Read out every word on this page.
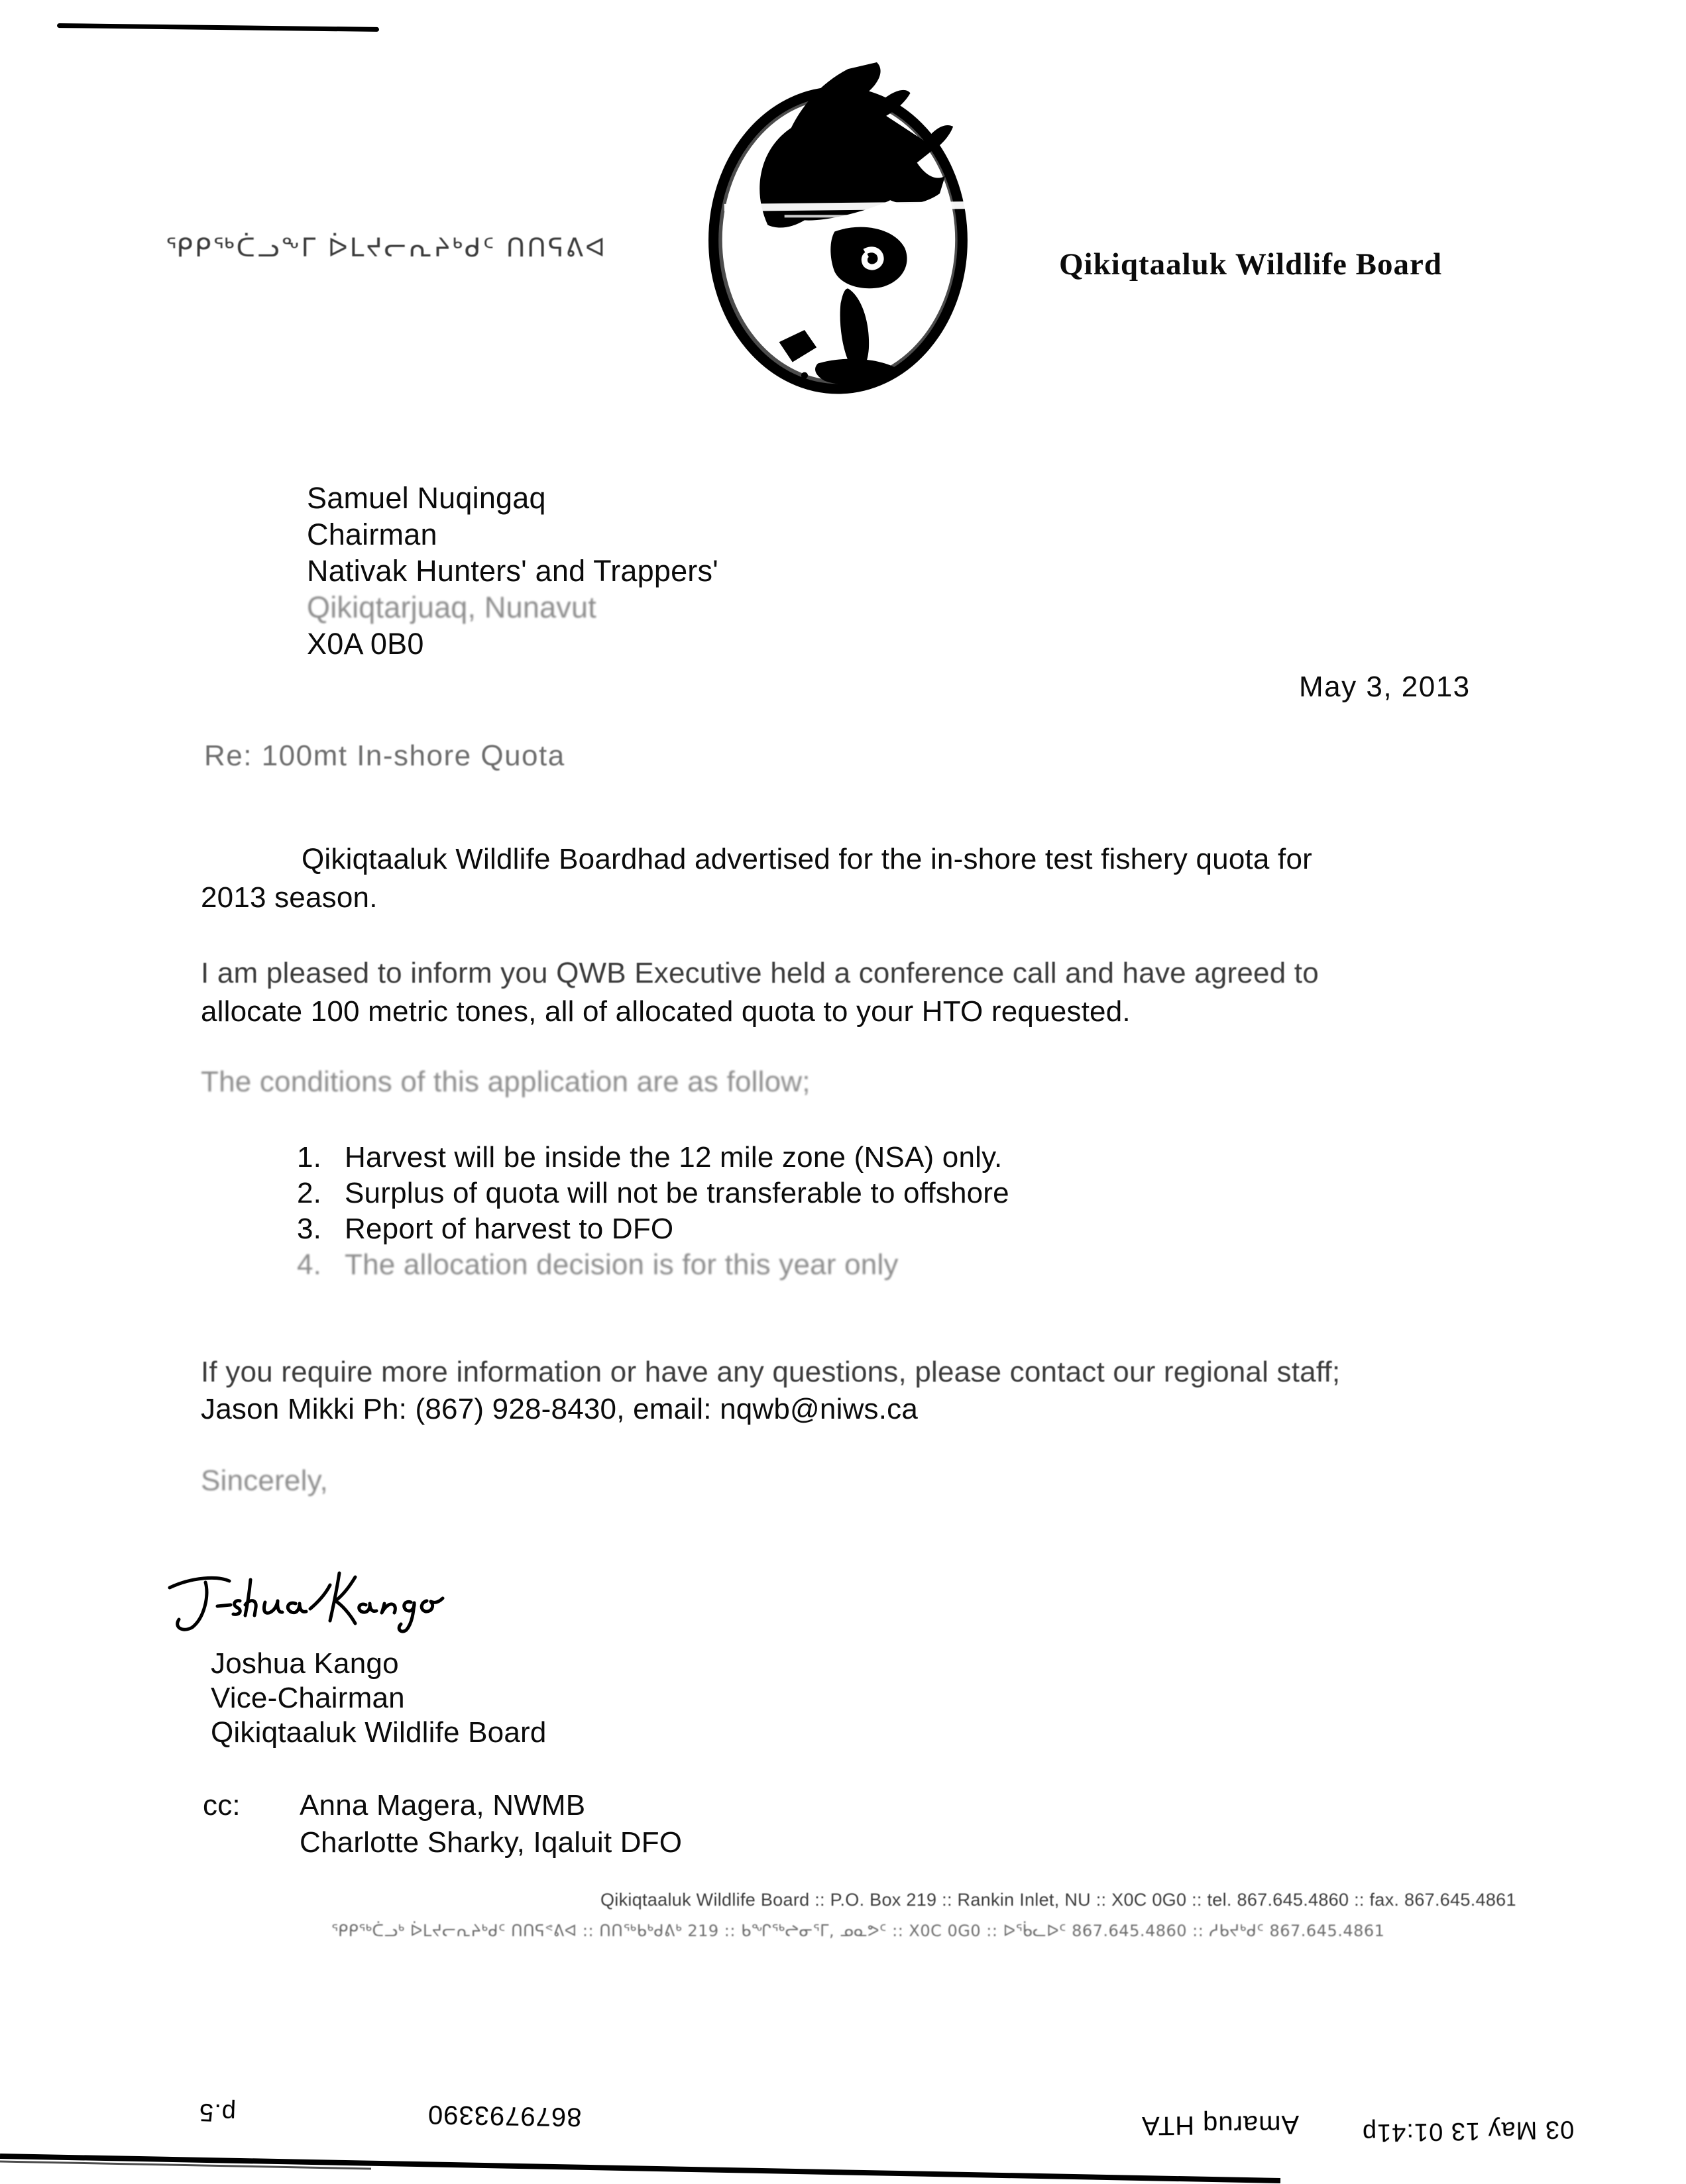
ᕿᑭᖅᑖᓗᖕᒥ ᐆᒪᔪᓕᕆᔨᒃᑯᑦ ᑎᑎᕋᕕᐊ	Qikiqtaaluk Wildlife Board
Samuel Nuqingaq
Chairman
Nativak Hunters' and Trappers'
Qikiqtarjuaq, Nunavut
X0A 0B0
May 3, 2013
Re: 100mt In-shore Quota
Qikiqtaaluk Wildlife Boardhad advertised for the in-shore test fishery quota for
2013 season.
I am pleased to inform you QWB Executive held a conference call and have agreed to
allocate 100 metric tones, all of allocated quota to your HTO requested.
The conditions of this application are as follow;
1. Harvest will be inside the 12 mile zone (NSA) only.
2. Surplus of quota will not be transferable to offshore
3. Report of harvest to DFO
4. The allocation decision is for this year only
If you require more information or have any questions, please contact our regional staff;
Jason Mikki Ph: (867) 928-8430, email: nqwb@niws.ca
Sincerely,
Joshua Kango
Vice-Chairman
Qikiqtaaluk Wildlife Board
cc: Anna Magera, NWMB
Charlotte Sharky, Iqaluit DFO
Qikiqtaaluk Wildlife Board :: P.O. Box 219 :: Rankin Inlet, NU :: X0C 0G0 :: tel. 867.645.4860 :: fax. 867.645.4861
ᕿᑭᖅᑖᓗᒃ ᐆᒪᔪᓕᕆᔨᒃᑯᑦ ᑎᑎᕋᕝᕕᐊ :: ᑎᑎᖅᑲᒃᑯᕕᒃ 219 :: ᑲᖏᖅᖠᓂᕐᒥ, ᓄᓇᕗᑦ :: X0C 0G0 :: ᐅᖄᓚᐅᑦ 867.645.4860 :: ᓱᑲᔪᒃᑯᑦ 867.645.4861
p.5	8679793390	Amaruq HTA 03 May 13 01:41p
